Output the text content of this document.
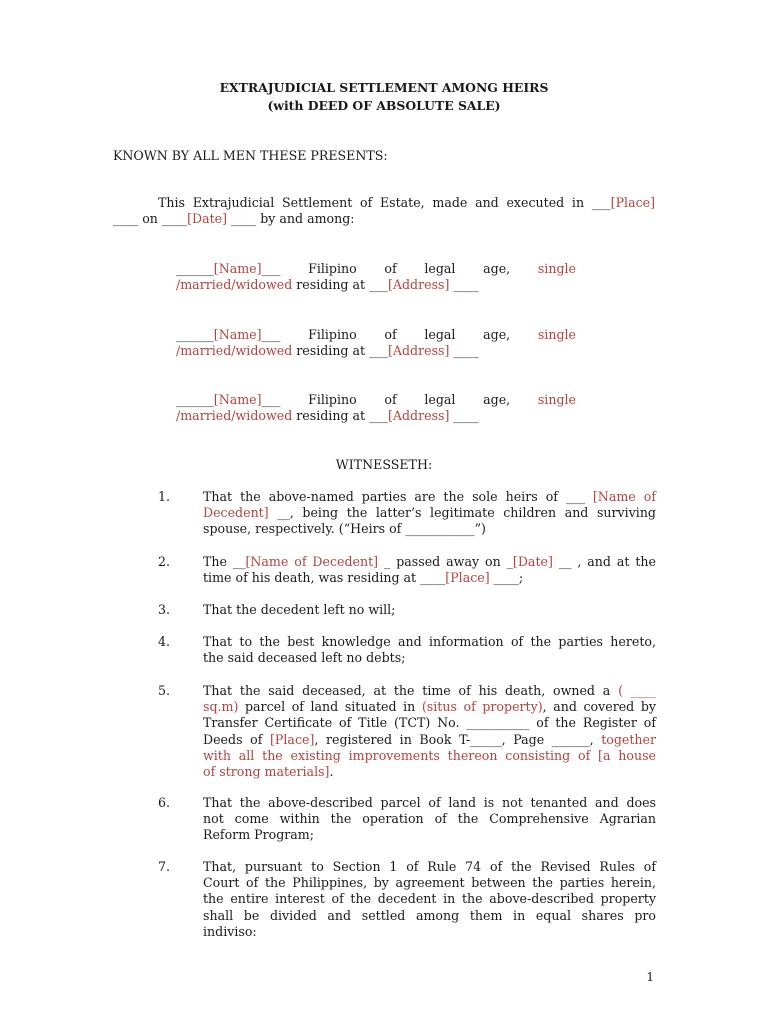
EXTRAJUDICIAL SETTLEMENT AMONG HEIRS
(with DEED OF ABSOLUTE SALE)
KNOWN BY ALL MEN THESE PRESENTS:
This Extrajudicial Settlement of Estate, made and executed in ___[Place]
____ on ____[Date] ____ by and among:
______[Name]___ Filipino of legal age, single
/married/widowed residing at ___[Address] ____
______[Name]___ Filipino of legal age, single
/married/widowed residing at ___[Address] ____
______[Name]___ Filipino of legal age, single
/married/widowed residing at ___[Address] ____
WITNESSETH:
1.	That the above-named parties are the sole heirs of ___ [Name of
Decedent] __, being the latter’s legitimate children and surviving
spouse, respectively. (“Heirs of ___________”)
2.	The __[Name of Decedent] _ passed away on _[Date] __ , and at the
time of his death, was residing at ____[Place] ____;
3.	That the decedent left no will;
4.	That to the best knowledge and information of the parties hereto,
the said deceased left no debts;
5.	That the said deceased, at the time of his death, owned a ( ____
sq.m) parcel of land situated in (situs of property), and covered by
Transfer Certificate of Title (TCT) No. __________ of the Register of
Deeds of [Place], registered in Book T-_____, Page ______, together
with all the existing improvements thereon consisting of [a house
of strong materials].
6.	That the above-described parcel of land is not tenanted and does
not come within the operation of the Comprehensive Agrarian
Reform Program;
7.	That, pursuant to Section 1 of Rule 74 of the Revised Rules of
Court of the Philippines, by agreement between the parties herein,
the entire interest of the decedent in the above-described property
shall be divided and settled among them in equal shares pro
indiviso:
1
